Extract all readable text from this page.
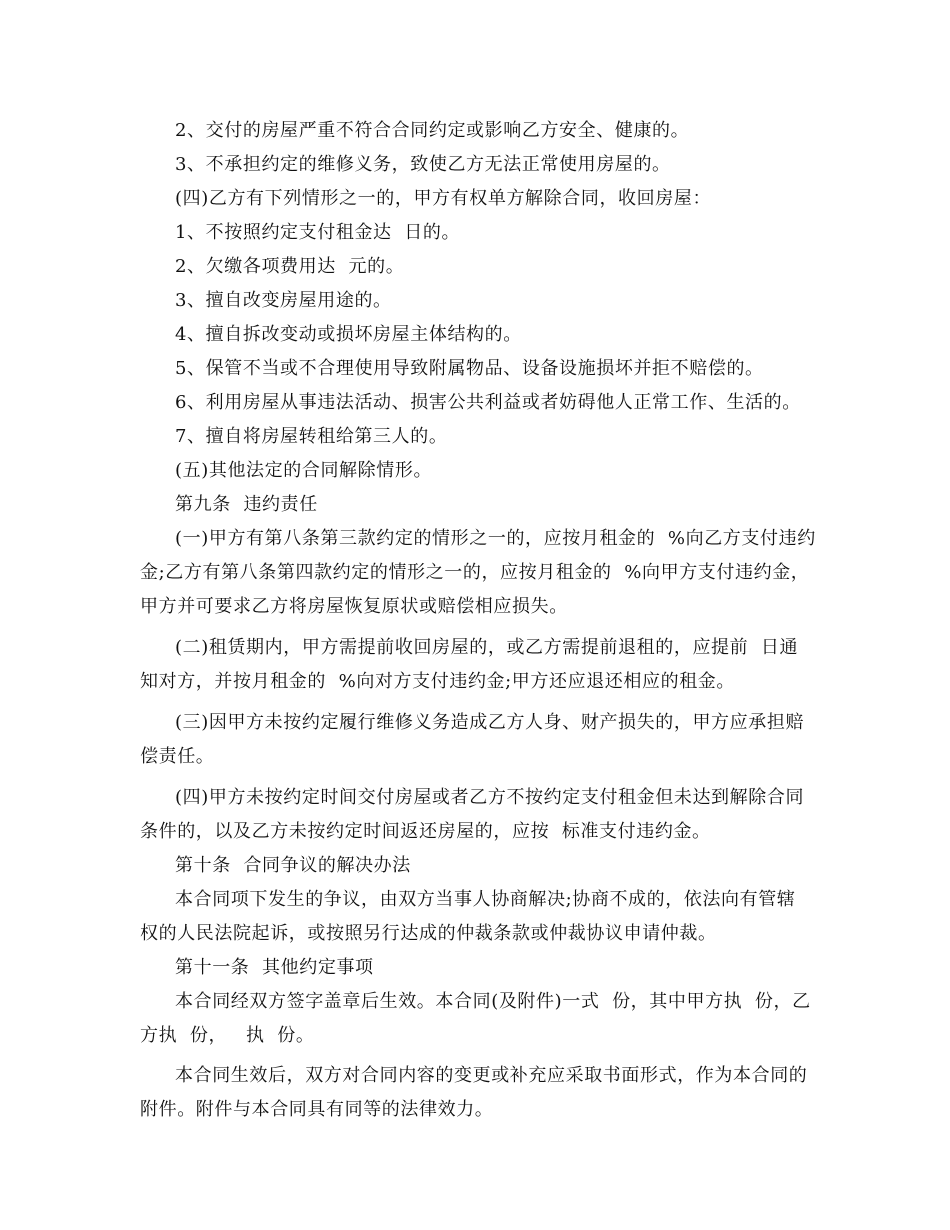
2、交付的房屋严重不符合合同约定或影响乙方安全、健康的。
3、不承担约定的维修义务，致使乙方无法正常使用房屋的。
(四)乙方有下列情形之一的，甲方有权单方解除合同，收回房屋：
1、不按照约定支付租金达  日的。
2、欠缴各项费用达  元的。
3、擅自改变房屋用途的。
4、擅自拆改变动或损坏房屋主体结构的。
5、保管不当或不合理使用导致附属物品、设备设施损坏并拒不赔偿的。
6、利用房屋从事违法活动、损害公共利益或者妨碍他人正常工作、生活的。
7、擅自将房屋转租给第三人的。
(五)其他法定的合同解除情形。
第九条  违约责任
(一)甲方有第八条第三款约定的情形之一的，应按月租金的  %向乙方支付违约
金;乙方有第八条第四款约定的情形之一的，应按月租金的  %向甲方支付违约金，
甲方并可要求乙方将房屋恢复原状或赔偿相应损失。
(二)租赁期内，甲方需提前收回房屋的，或乙方需提前退租的，应提前  日通
知对方，并按月租金的  %向对方支付违约金;甲方还应退还相应的租金。
(三)因甲方未按约定履行维修义务造成乙方人身、财产损失的，甲方应承担赔
偿责任。
(四)甲方未按约定时间交付房屋或者乙方不按约定支付租金但未达到解除合同
条件的，以及乙方未按约定时间返还房屋的，应按  标准支付违约金。
第十条  合同争议的解决办法
本合同项下发生的争议，由双方当事人协商解决;协商不成的，依法向有管辖
权的人民法院起诉，或按照另行达成的仲裁条款或仲裁协议申请仲裁。
第十一条  其他约定事项
本合同经双方签字盖章后生效。本合同(及附件)一式  份，其中甲方执  份，乙
方执  份，   执  份。
本合同生效后，双方对合同内容的变更或补充应采取书面形式，作为本合同的
附件。附件与本合同具有同等的法律效力。
